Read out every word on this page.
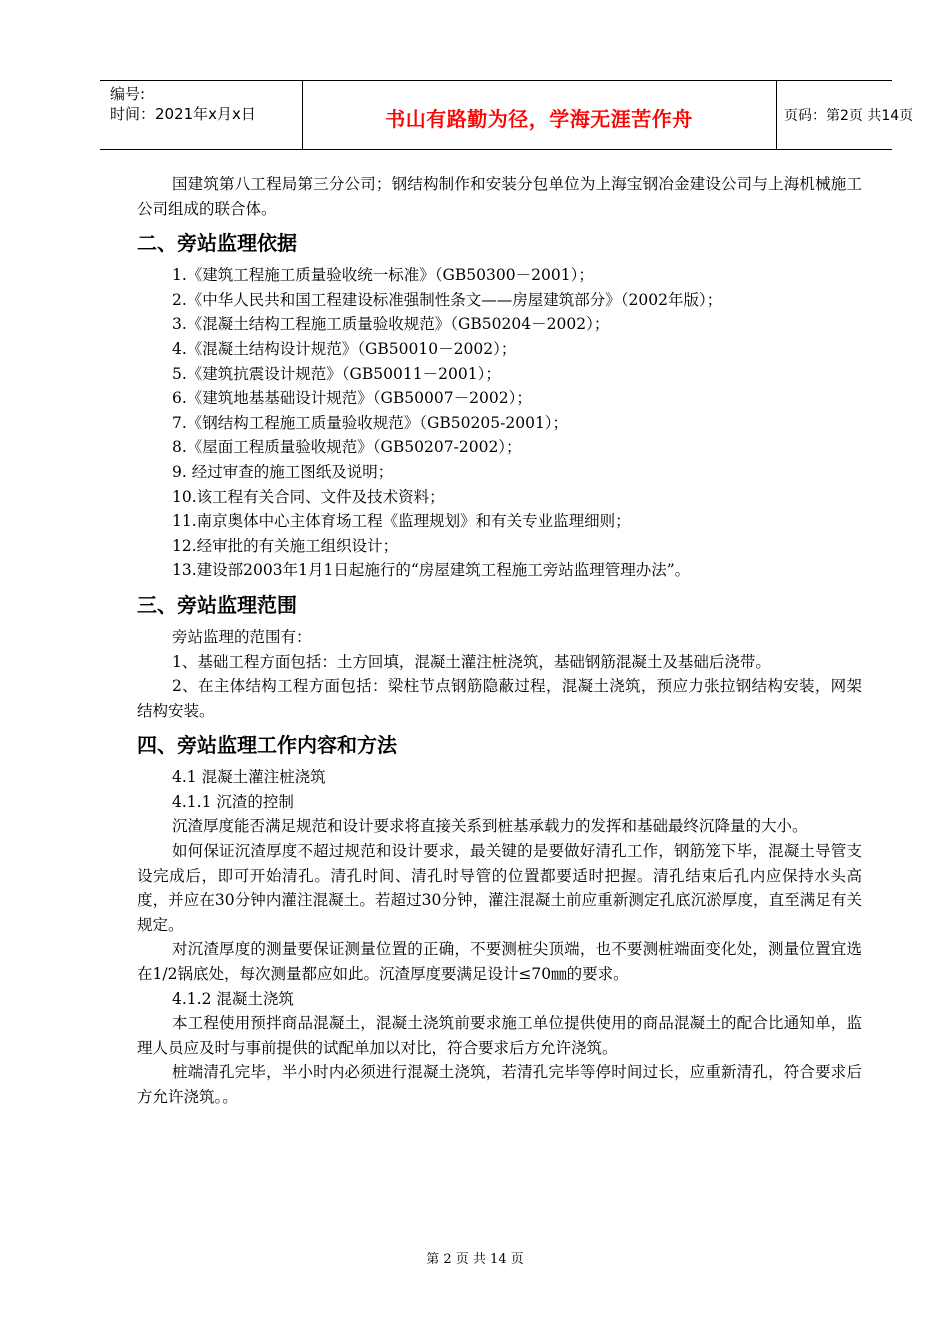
编号:
时间：2021年x月x日	书山有路勤为径，学海无涯苦作舟	页码：第2页 共14页

国建筑第八工程局第三分公司；钢结构制作和安装分包单位为上海宝钢冶金建设公司与上海机械施工公司组成的联合体。

二、旁站监理依据
1.《建筑工程施工质量验收统一标准》（GB50300－2001）；
2.《中华人民共和国工程建设标准强制性条文——房屋建筑部分》（2002年版）；
3.《混凝土结构工程施工质量验收规范》（GB50204－2002）；
4.《混凝土结构设计规范》（GB50010－2002）；
5.《建筑抗震设计规范》（GB50011－2001）；
6.《建筑地基基础设计规范》（GB50007－2002）；
7.《钢结构工程施工质量验收规范》（GB50205-2001）；
8.《屋面工程质量验收规范》（GB50207-2002）；
9. 经过审查的施工图纸及说明；
10.该工程有关合同、文件及技术资料；
11.南京奥体中心主体育场工程《监理规划》和有关专业监理细则；
12.经审批的有关施工组织设计；
13.建设部2003年1月1日起施行的“房屋建筑工程施工旁站监理管理办法”。
三、旁站监理范围

旁站监理的范围有：

1、基础工程方面包括：土方回填，混凝土灌注桩浇筑，基础钢筋混凝土及基础后浇带。

2、在主体结构工程方面包括：梁柱节点钢筋隐蔽过程，混凝土浇筑，预应力张拉钢结构安装，网架结构安装。

四、旁站监理工作内容和方法

4.1 混凝土灌注桩浇筑

4.1.1 沉渣的控制

沉渣厚度能否满足规范和设计要求将直接关系到桩基承载力的发挥和基础最终沉降量的大小。

如何保证沉渣厚度不超过规范和设计要求，最关键的是要做好清孔工作，钢筋笼下毕，混凝土导管支设完成后，即可开始清孔。清孔时间、清孔时导管的位置都要适时把握。清孔结束后孔内应保持水头高度，并应在30分钟内灌注混凝土。若超过30分钟，灌注混凝土前应重新测定孔底沉淤厚度，直至满足有关规定。

对沉渣厚度的测量要保证测量位置的正确，不要测桩尖顶端，也不要测桩端面变化处，测量位置宜选在1/2锅底处，每次测量都应如此。沉渣厚度要满足设计≤70㎜的要求。

4.1.2 混凝土浇筑

本工程使用预拌商品混凝土，混凝土浇筑前要求施工单位提供使用的商品混凝土的配合比通知单，监理人员应及时与事前提供的试配单加以对比，符合要求后方允许浇筑。

桩端清孔完毕，半小时内必须进行混凝土浇筑，若清孔完毕等停时间过长，应重新清孔，符合要求后方允许浇筑。。

第 2 页 共 14 页
